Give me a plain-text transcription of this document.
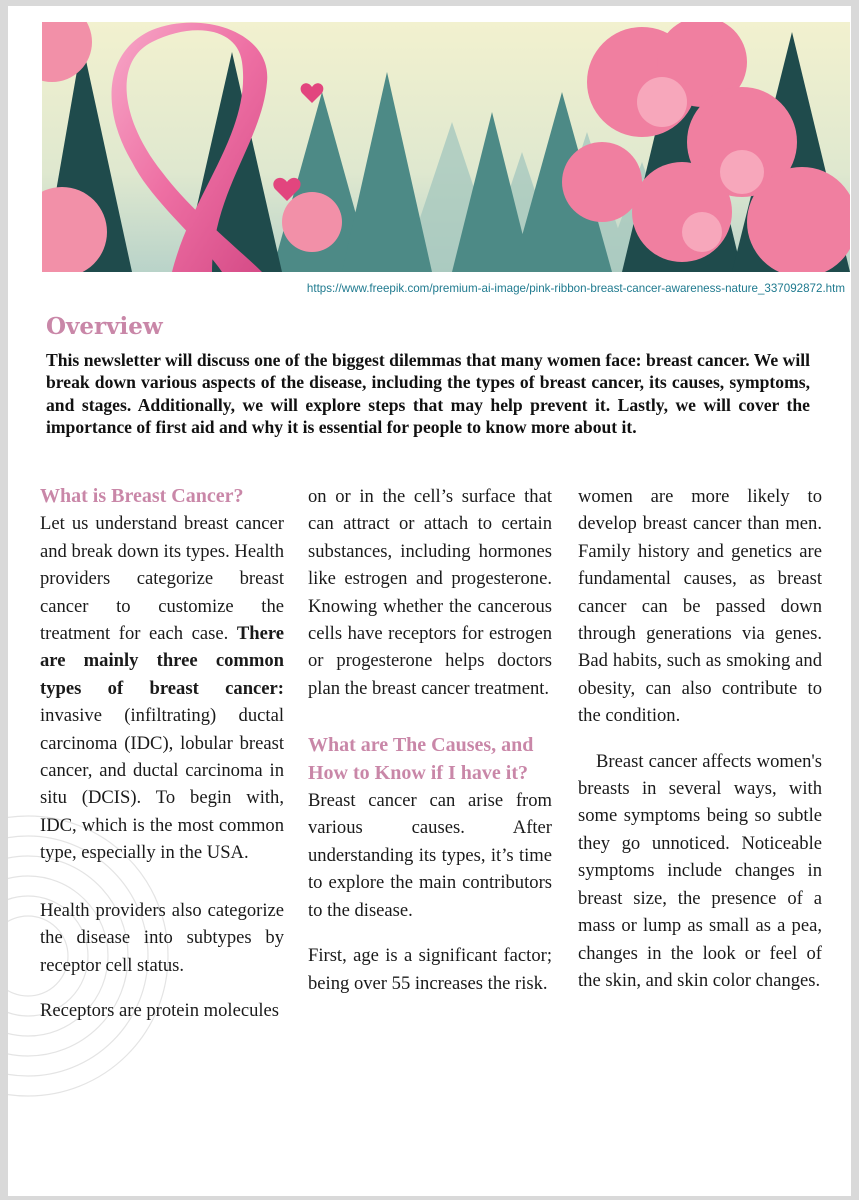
https://www.freepik.com/premium-ai-image/pink-ribbon-breast-cancer-awareness-nature_337092872.htm
Overview

This newsletter will discuss one of the biggest dilemmas that many women face: breast cancer. We will break down various aspects of the disease, including the types of breast cancer, its causes, symptoms, and stages. Additionally, we will explore steps that may help prevent it. Lastly, we will cover the importance of first aid and why it is essential for people to know more about it.

What is Breast Cancer?

Let us understand breast cancer and break down its types. Health providers categorize breast cancer to customize the treatment for each case. There are mainly three common types of breast cancer: invasive (infiltrating) ductal carcinoma (IDC), lobular breast cancer, and ductal carcinoma in situ (DCIS). To begin with, IDC, which is the most common type, especially in the USA.

Health providers also categorize the disease into subtypes by receptor cell status.

Receptors are protein molecules

on or in the cell’s surface that can attract or attach to certain substances, including hormones like estrogen and progesterone. Knowing whether the cancerous cells have receptors for estrogen or progesterone helps doctors plan the breast cancer treatment.

What are The Causes, and How to Know if I have it?

Breast cancer can arise from various causes. After understanding its types, it’s time to explore the main contributors to the disease.

First, age is a significant factor; being over 55 increases the risk.

women are more likely to develop breast cancer than men. Family history and genetics are fundamental causes, as breast cancer can be passed down through generations via genes. Bad habits, such as smoking and obesity, can also contribute to the condition.

Breast cancer affects women's breasts in several ways, with some symptoms being so subtle they go unnoticed. Noticeable symptoms include changes in breast size, the presence of a mass or lump as small as a pea, changes in the look or feel of the skin, and skin color changes.
